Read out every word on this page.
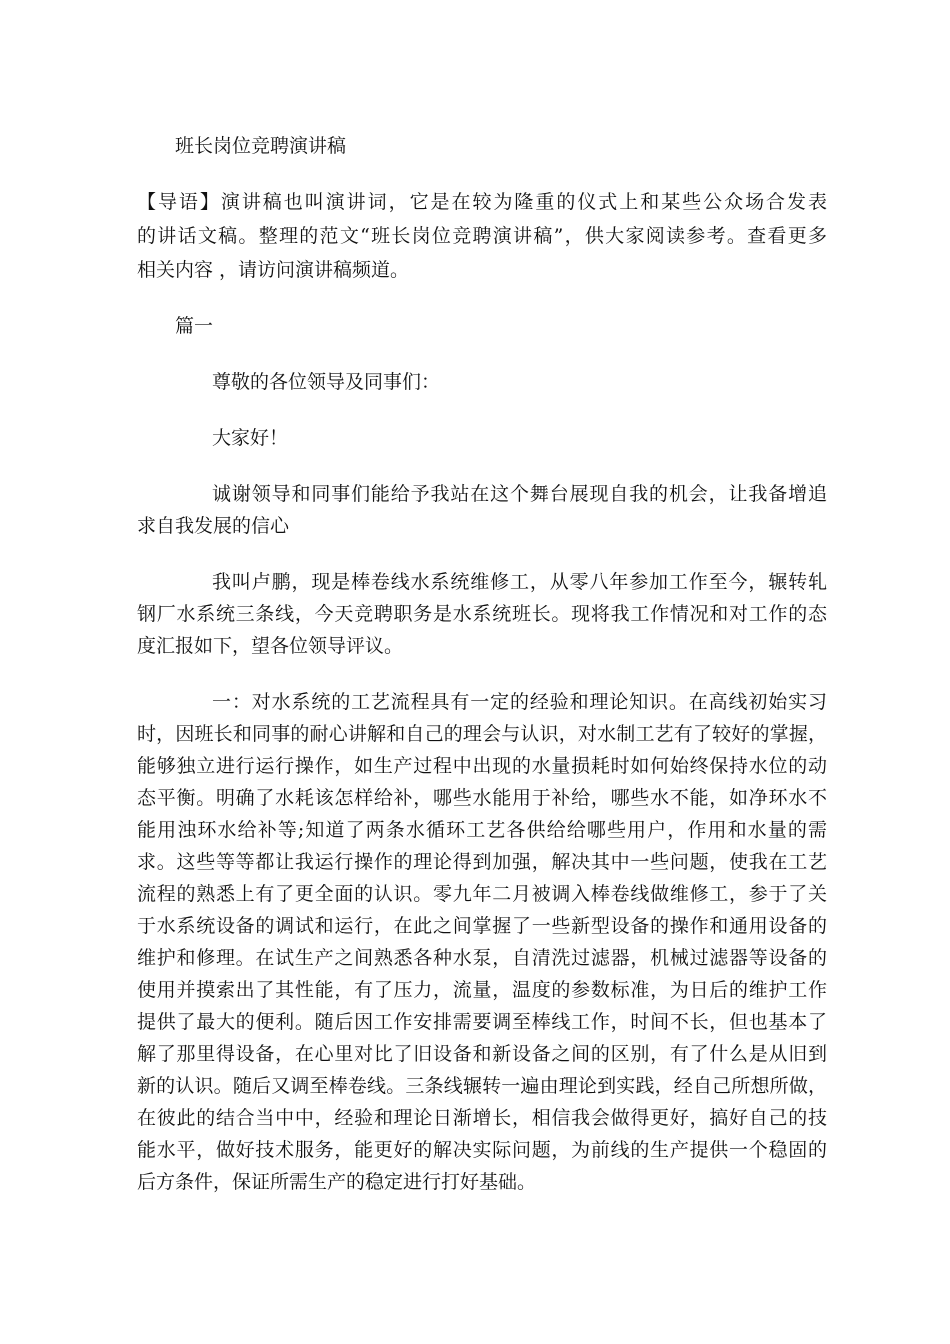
班长岗位竞聘演讲稿
【导语】演讲稿也叫演讲词，它是在较为隆重的仪式上和某些公众场合发表
的讲话文稿。整理的范文“班长岗位竞聘演讲稿”，供大家阅读参考。查看更多
相关内容 ，请访问演讲稿频道。
篇一
尊敬的各位领导及同事们：
大家好！
诚谢领导和同事们能给予我站在这个舞台展现自我的机会，让我备增追
求自我发展的信心
我叫卢鹏，现是棒卷线水系统维修工，从零八年参加工作至今，辗转轧
钢厂水系统三条线，今天竞聘职务是水系统班长。现将我工作情况和对工作的态
度汇报如下，望各位领导评议。
一：对水系统的工艺流程具有一定的经验和理论知识。在高线初始实习
时，因班长和同事的耐心讲解和自己的理会与认识，对水制工艺有了较好的掌握，
能够独立进行运行操作，如生产过程中出现的水量损耗时如何始终保持水位的动
态平衡。明确了水耗该怎样给补，哪些水能用于补给，哪些水不能，如净环水不
能用浊环水给补等;知道了两条水循环工艺各供给给哪些用户，作用和水量的需
求。这些等等都让我运行操作的理论得到加强，解决其中一些问题，使我在工艺
流程的熟悉上有了更全面的认识。零九年二月被调入棒卷线做维修工，参于了关
于水系统设备的调试和运行，在此之间掌握了一些新型设备的操作和通用设备的
维护和修理。在试生产之间熟悉各种水泵，自清洗过滤器，机械过滤器等设备的
使用并摸索出了其性能，有了压力，流量，温度的参数标准，为日后的维护工作
提供了最大的便利。随后因工作安排需要调至棒线工作，时间不长，但也基本了
解了那里得设备，在心里对比了旧设备和新设备之间的区别，有了什么是从旧到
新的认识。随后又调至棒卷线。三条线辗转一遍由理论到实践，经自己所想所做，
在彼此的结合当中中，经验和理论日渐增长，相信我会做得更好，搞好自己的技
能水平，做好技术服务，能更好的解决实际问题，为前线的生产提供一个稳固的
后方条件，保证所需生产的稳定进行打好基础。
